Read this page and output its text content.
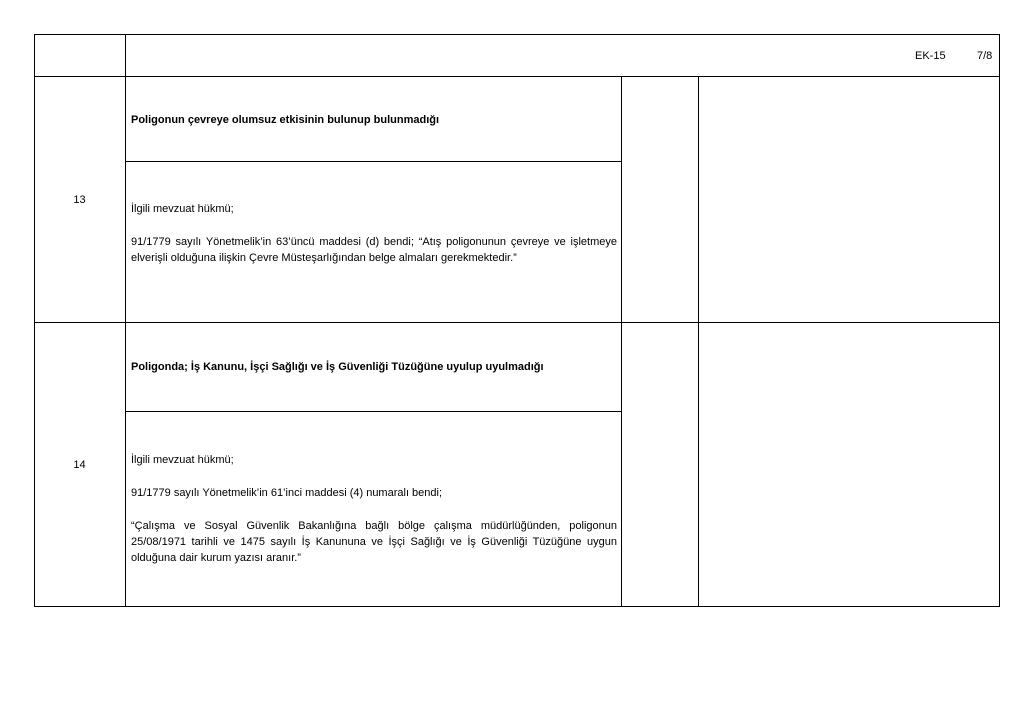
EK-15	7/8
13
Poligonun çevreye olumsuz etkisinin bulunup bulunmadığı
İlgili mevzuat hükmü;
91/1779 sayılı Yönetmelik’in 63’üncü maddesi (d) bendi; “Atış poligonunun çevreye ve işletmeye elverişli olduğuna ilişkin Çevre Müsteşarlığından belge almaları gerekmektedir.”
14
Poligonda; İş Kanunu, İşçi Sağlığı ve İş Güvenliği Tüzüğüne uyulup uyulmadığı
İlgili mevzuat hükmü;
91/1779 sayılı Yönetmelik’in 61’inci maddesi (4) numaralı bendi;
“Çalışma ve Sosyal Güvenlik Bakanlığına bağlı bölge çalışma müdürlüğünden, poligonun 25/08/1971 tarihli ve 1475 sayılı İş Kanununa ve İşçi Sağlığı ve İş Güvenliği Tüzüğüne uygun olduğuna dair kurum yazısı aranır.”
